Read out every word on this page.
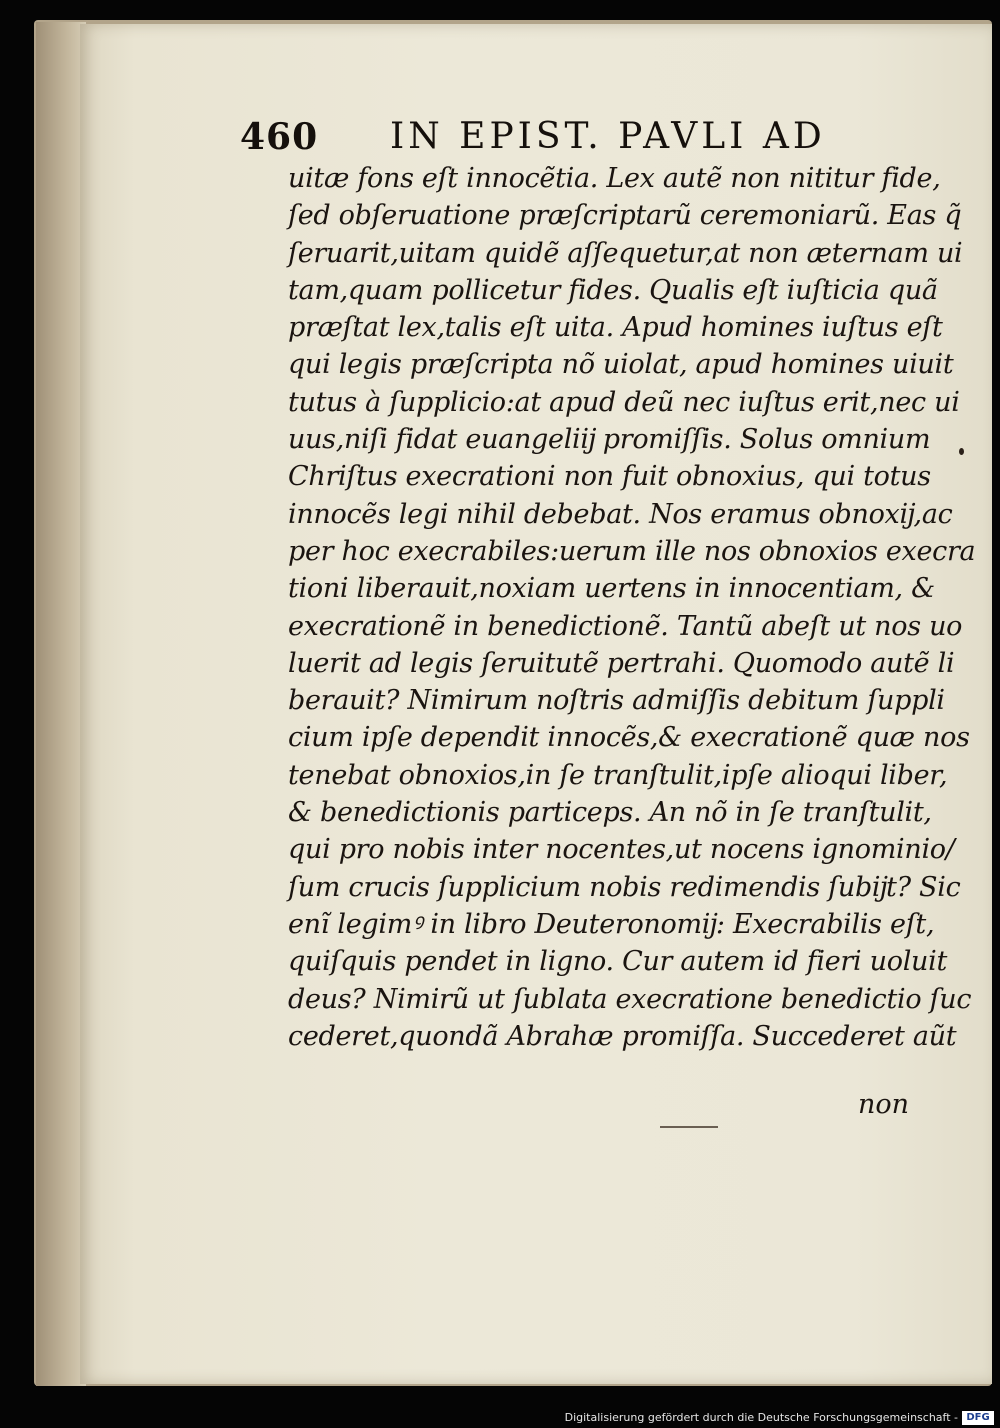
460 IN EPIST. PAVLI AD
uitæ fons eſt innocẽtia. Lex autẽ non nititur fide,
ſed obſeruatione præſcriptarũ ceremoniarũ. Eas q̃
ſeruarit,uitam quidẽ aſſequetur,at non æternam ui
tam,quam pollicetur fides. Qualis eſt iuſticia quã
præſtat lex,talis eſt uita. Apud homines iuſtus eſt
qui legis præſcripta nõ uiolat, apud homines uiuit
tutus à ſupplicio:at apud deũ nec iuſtus erit,nec ui
uus,niſi fidat euangeliĳ promiſſis. Solus omnium
Chriſtus execrationi non fuit obnoxius, qui totus
innocẽs legi nihil debebat. Nos eramus obnoxĳ,ac
per hoc execrabiles:uerum ille nos obnoxios execra
tioni liberauit,noxiam uertens in innocentiam, &
execrationẽ in benedictionẽ. Tantũ abeſt ut nos uo
luerit ad legis ſeruitutẽ pertrahi. Quomodo autẽ li
berauit? Nimirum noſtris admiſſis debitum ſuppli
cium ipſe dependit innocẽs,& execrationẽ quæ nos
tenebat obnoxios,in ſe tranſtulit,ipſe alioqui liber,
& benedictionis particeps. An nõ in ſe tranſtulit,
qui pro nobis inter nocentes,ut nocens ignominio/
ſum crucis ſupplicium nobis redimendis ſubĳt? Sic
enĩ legimꝰ in libro Deuteronomĳ: Execrabilis eſt,
quiſquis pendet in ligno. Cur autem id fieri uoluit
deus? Nimirũ ut ſublata execratione benedictio ſuc
cederet,quondã Abrahæ promiſſa. Succederet aũt
non
Digitalisierung gefördert durch die Deutsche Forschungsgemeinschaft - DFG
